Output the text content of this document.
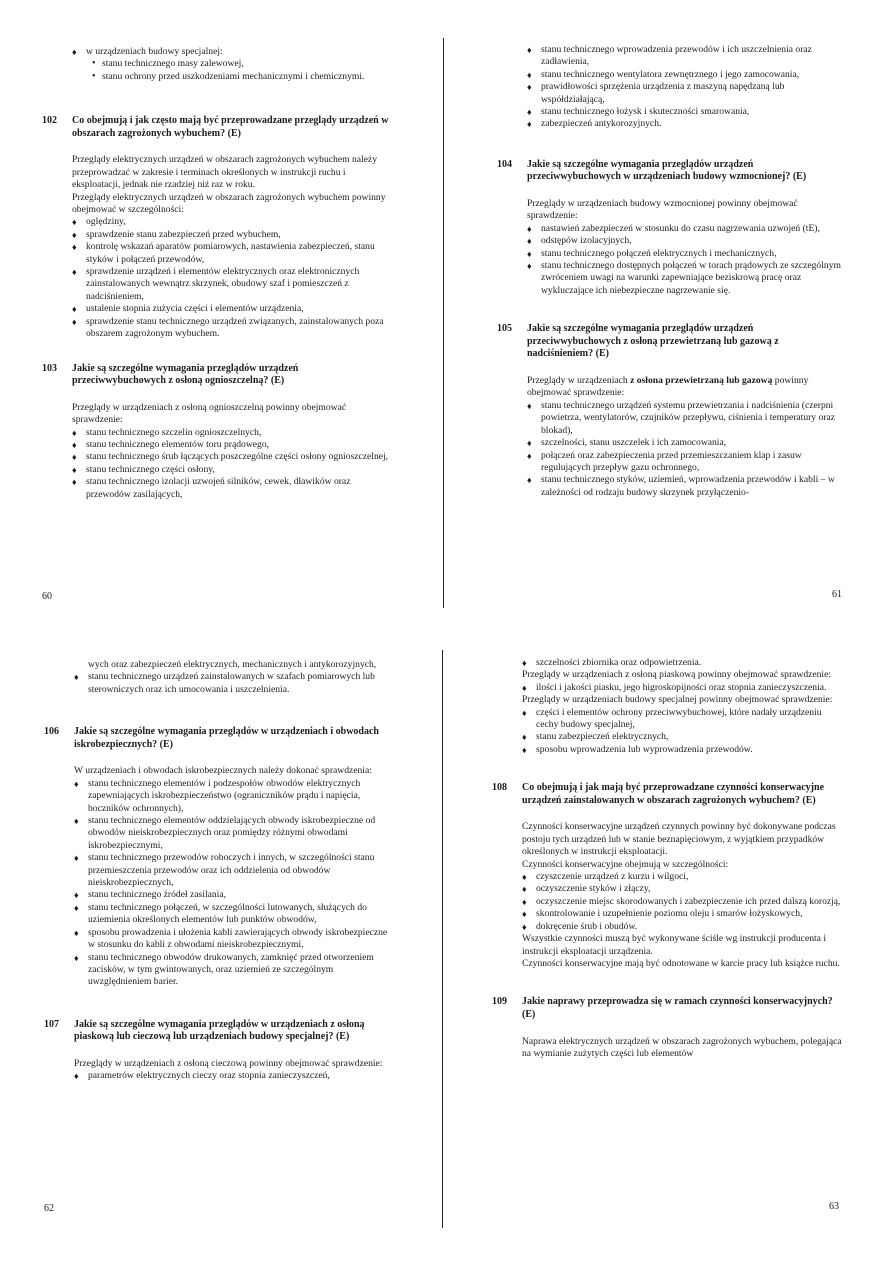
♦ w urządzeniach budowy specjalnej:
• stanu technicznego masy zalewowej,
• stanu ochrony przed uszkodzeniami mechanicznymi i chemicznymi.
102	Co obejmują i jak często mają być przeprowadzane przeglądy urządzeń w obszarach zagrożonych wybuchem? (E)

Przeglądy elektrycznych urządzeń w obszarach zagrożonych wybuchem należy przeprowadzać w zakresie i terminach określonych w instrukcji ruchu i eksploatacji, jednak nie rzadziej niż raz w roku.

Przeglądy elektrycznych urządzeń w obszarach zagrożonych wybuchem powinny obejmować w szczególności:

♦ oględziny,
♦ sprawdzenie stanu zabezpieczeń przed wybuchem,
♦ kontrolę wskazań aparatów pomiarowych, nastawienia zabezpieczeń, stanu styków i połączeń przewodów,
♦ sprawdzenie urządzeń i elementów elektrycznych oraz elektronicznych zainstalowanych wewnątrz skrzynek, obudowy szaf i pomieszczeń z nadciśnieniem,
♦ ustalenie stopnia zużycia części i elementów urządzenia,
♦ sprawdzenie stanu technicznego urządzeń związanych, zainstalowanych poza obszarem zagrożonym wybuchem.
103	Jakie są szczególne wymagania przeglądów urządzeń przeciwwybuchowych z osłoną ognioszczelną? (E)

Przeglądy w urządzeniach z osłoną ognioszczelną powinny obejmować sprawdzenie:

♦ stanu technicznego szczelin ognioszczelnych,
♦ stanu technicznego elementów toru prądowego,
♦ stanu technicznego śrub łączących poszczególne części osłony ognioszczelnej,
♦ stanu technicznego części osłony,
♦ stanu technicznego izolacji uzwojeń silników, cewek, dławików oraz przewodów zasilających,
60
♦ stanu technicznego wprowadzenia przewodów i ich uszczelnienia oraz zadławienia,
♦ stanu technicznego wentylatora zewnętrznego i jego zamocowania,
♦ prawidłowości sprzężenia urządzenia z maszyną napędzaną lub współdziałającą,
♦ stanu technicznego łożysk i skuteczności smarowania,
♦ zabezpieczeń antykorozyjnych.
104	Jakie są szczególne wymagania przeglądów urządzeń przeciwwybuchowych w urządzeniach budowy wzmocnionej? (E)

Przeglądy w urządzeniach budowy wzmocnionej powinny obejmować sprawdzenie:

♦ nastawień zabezpieczeń w stosunku do czasu nagrzewania uzwojeń (tE),
♦ odstępów izolacyjnych,
♦ stanu technicznego połączeń elektrycznych i mechanicznych,
♦ stanu technicznego dostępnych połączeń w torach prądowych ze szczególnym zwróceniem uwagi na warunki zapewniające beziskrową pracę oraz wykluczające ich niebezpieczne nagrzewanie się.
105	Jakie są szczególne wymagania przeglądów urządzeń przeciwwybuchowych z osłoną przewietrzaną lub gazową z nadciśnieniem? (E)

Przeglądy w urządzeniach z osłona przewietrzaną lub gazową powinny obejmować sprawdzenie:

♦ stanu technicznego urządzeń systemu przewietrzania i nadciśnienia (czerpni powietrza, wentylatorów, czujników przepływu, ciśnienia i temperatury oraz blokad),
♦ szczelności, stanu uszczelek i ich zamocowania,
♦ połączeń oraz zabezpieczenia przed przemieszczaniem klap i zasuw regulujących przepływ gazu ochronnego,
♦ stanu technicznego styków, uziemień, wprowadzenia przewodów i kabli – w zależności od rodzaju budowy skrzynek przyłączenio-
61

wych oraz zabezpieczeń elektrycznych, mechanicznych i antykorozyjnych,

♦ stanu technicznego urządzeń zainstalowanych w szafach pomiarowych lub sterowniczych oraz ich umocowania i uszczelnienia.
106	Jakie są szczególne wymagania przeglądów w urządzeniach i obwodach iskrobezpiecznych? (E)

W urządzeniach i obwodach iskrobezpiecznych należy dokonać sprawdzenia:

♦ stanu technicznego elementów i podzespołów obwodów elektrycznych zapewniających iskrobezpieczeństwo (ograniczników prądu i napięcia, boczników ochronnych),
♦ stanu technicznego elementów oddzielających obwody iskrobezpieczne od obwodów nieiskrobezpiecznych oraz pomiędzy różnymi obwodami iskrobezpiecznymi,
♦ stanu technicznego przewodów roboczych i innych, w szczególności stanu przemieszczenia przewodów oraz ich oddzielenia od obwodów nieiskrobezpiecznych,
♦ stanu technicznego źródeł zasilania,
♦ stanu technicznego połączeń, w szczególności lutowanych, służących do uziemienia określonych elementów lub punktów obwodów,
♦ sposobu prowadzenia i ułożenia kabli zawierających obwody iskrobezpieczne w stosunku do kabli z obwodami nieiskrobezpiecznymi,
♦ stanu technicznego obwodów drukowanych, zamknięć przed otworzeniem zacisków, w tym gwintowanych, oraz uziemień ze szczególnym uwzględnieniem barier.
107	Jakie są szczególne wymagania przeglądów w urządzeniach z osłoną piaskową lub cieczową lub urządzeniach budowy specjalnej? (E)

Przeglądy w urządzeniach z osłoną cieczową powinny obejmować sprawdzenie:

♦ parametrów elektrycznych cieczy oraz stopnia zanieczyszczeń,
62
♦ szczelności zbiornika oraz odpowietrzenia.

Przeglądy w urządzeniach z osłoną piaskową powinny obejmować sprawdzenie:

♦ ilości i jakości piasku, jego higroskopijności oraz stopnia zanieczyszczenia.

Przeglądy w urządzeniach budowy specjalnej powinny obejmować sprawdzenie:

♦ części i elementów ochrony przeciwwybuchowej, które nadały urządzeniu cechy budowy specjalnej,
♦ stanu zabezpieczeń elektrycznych,
♦ sposobu wprowadzenia lub wyprowadzenia przewodów.
108	Co obejmują i jak mają być przeprowadzane czynności konserwacyjne urządzeń zainstalowanych w obszarach zagrożonych wybuchem? (E)

Czynności konserwacyjne urządzeń czynnych powinny być dokonywane podczas postoju tych urządzeń lub w stanie beznapięciowym, z wyjątkiem przypadków określonych w instrukcji eksploatacji.

Czynności konserwacyjne obejmują w szczególności:

♦ czyszczenie urządzeń z kurzu i wilgoci,
♦ oczyszczenie styków i złączy,
♦ oczyszczenie miejsc skorodowanych i zabezpieczenie ich przed dalszą korozją,
♦ skontrolowanie i uzupełnienie poziomu oleju i smarów łożyskowych,
♦ dokręcenie śrub i obudów.

Wszystkie czynności muszą być wykonywane ściśle wg instrukcji producenta i instrukcji eksploatacji urządzenia.

Czynności konserwacyjne mają być odnotowane w karcie pracy lub książce ruchu.

109	Jakie naprawy przeprowadza się w ramach czynności konserwacyjnych? (E)

Naprawa elektrycznych urządzeń w obszarach zagrożonych wybuchem, polegająca na wymianie zużytych części lub elementów

63
